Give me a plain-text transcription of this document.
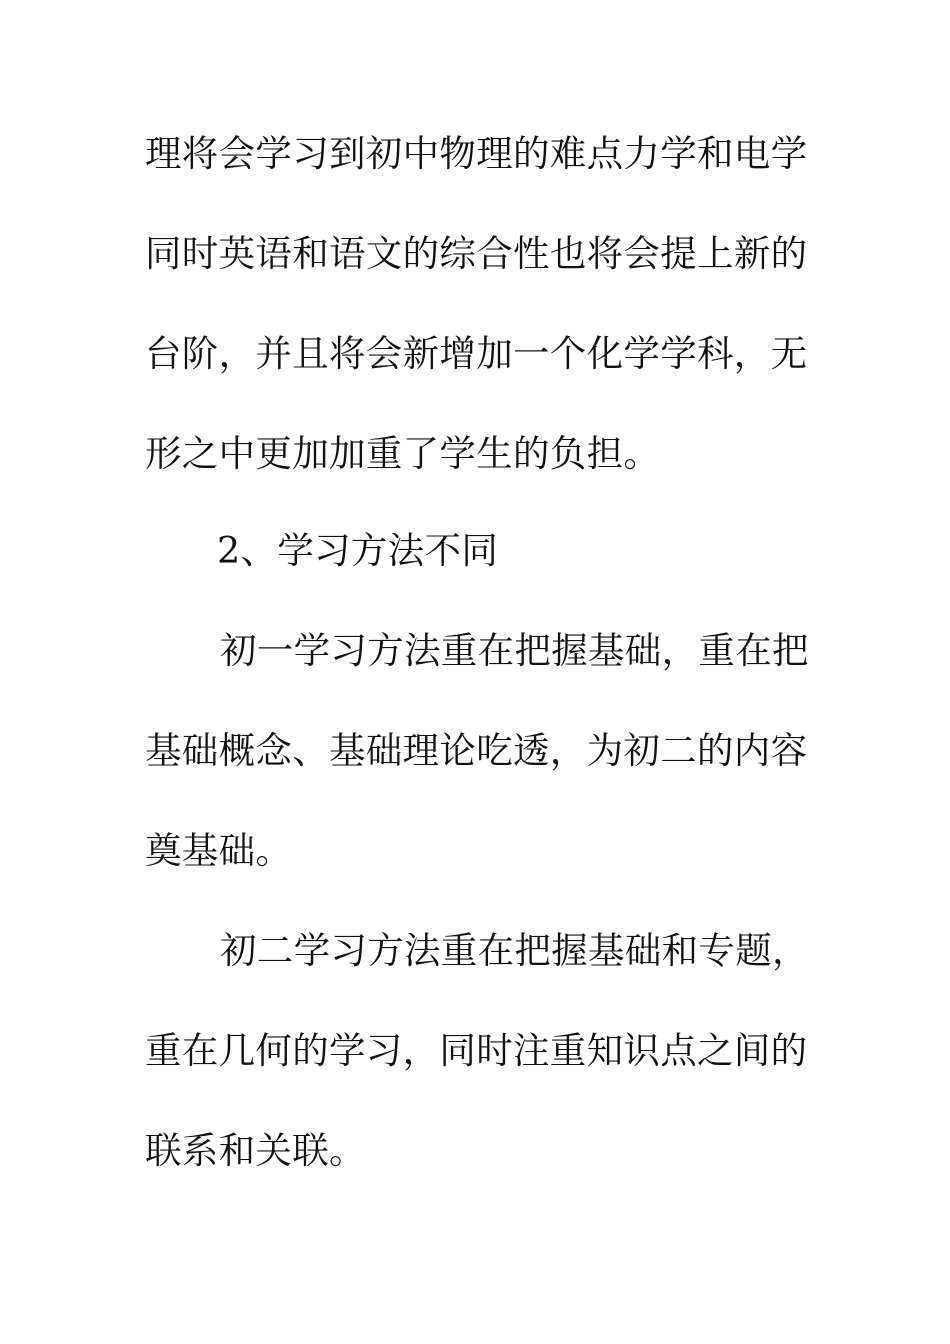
理将会学习到初中物理的难点力学和电学
同时英语和语文的综合性也将会提上新的
台阶，并且将会新增加一个化学学科，无
形之中更加加重了学生的负担。
2、学习方法不同
初一学习方法重在把握基础，重在把
基础概念、基础理论吃透，为初二的内容
奠基础。
初二学习方法重在把握基础和专题，
重在几何的学习，同时注重知识点之间的
联系和关联。
